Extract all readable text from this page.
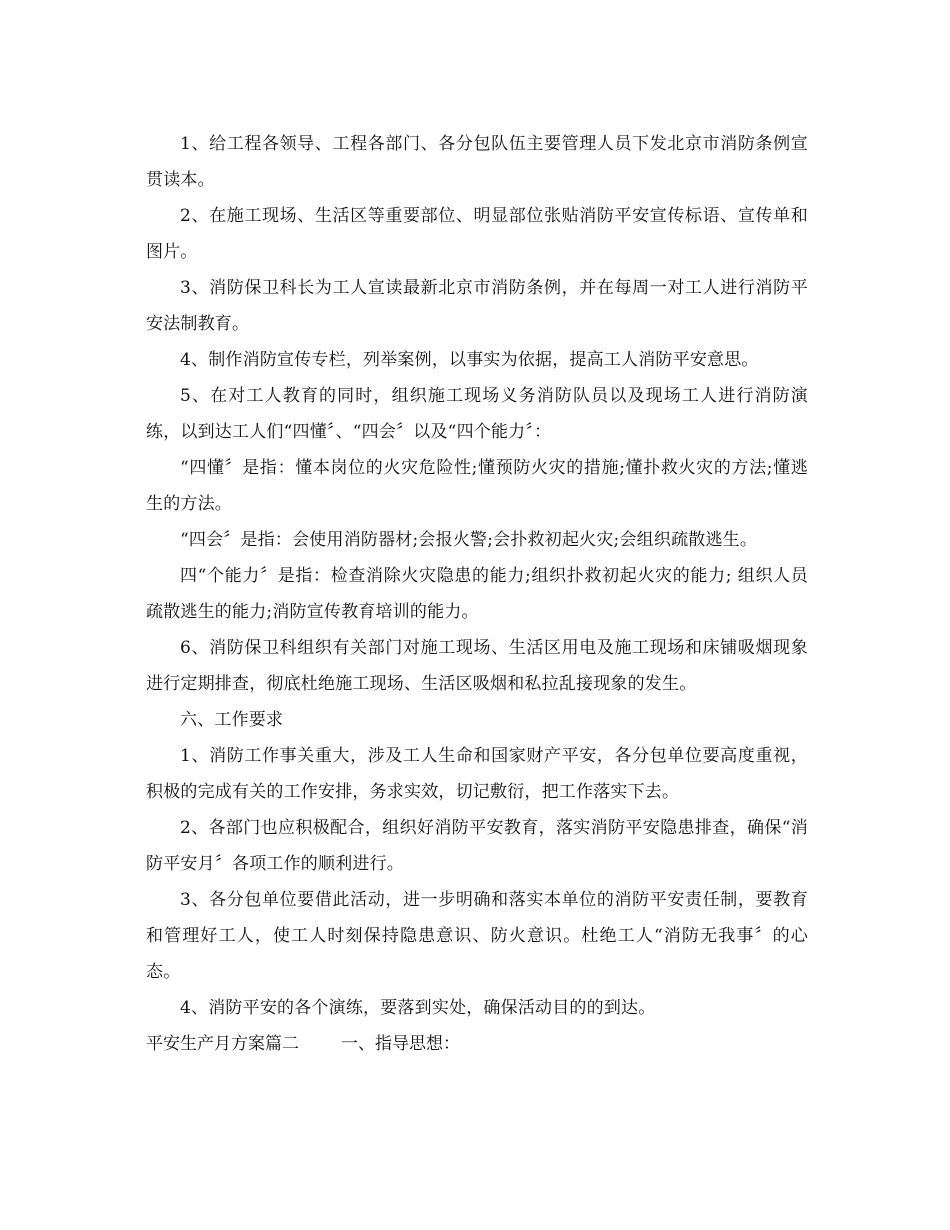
1、给工程各领导、工程各部门、各分包队伍主要管理人员下发北京市消防条例宣贯读本。

2、在施工现场、生活区等重要部位、明显部位张贴消防平安宣传标语、宣传单和图片。

3、消防保卫科长为工人宣读最新北京市消防条例，并在每周一对工人进行消防平安法制教育。

4、制作消防宣传专栏，列举案例，以事实为依据，提高工人消防平安意思。

5、在对工人教育的同时，组织施工现场义务消防队员以及现场工人进行消防演练，以到达工人们“四懂〞、“四会〞以及“四个能力〞：

“四懂〞是指：懂本岗位的火灾危险性;懂预防火灾的措施;懂扑救火灾的方法;懂逃生的方法。

“四会〞是指：会使用消防器材;会报火警;会扑救初起火灾;会组织疏散逃生。

四“个能力〞是指：检查消除火灾隐患的能力;组织扑救初起火灾的能力; 组织人员疏散逃生的能力;消防宣传教育培训的能力。

6、消防保卫科组织有关部门对施工现场、生活区用电及施工现场和床铺吸烟现象进行定期排查，彻底杜绝施工现场、生活区吸烟和私拉乱接现象的发生。

六、工作要求

1、消防工作事关重大，涉及工人生命和国家财产平安，各分包单位要高度重视，积极的完成有关的工作安排，务求实效，切记敷衍，把工作落实下去。

2、各部门也应积极配合，组织好消防平安教育，落实消防平安隐患排查，确保“消防平安月〞各项工作的顺利进行。

3、各分包单位要借此活动，进一步明确和落实本单位的消防平安责任制，要教育和管理好工人，使工人时刻保持隐患意识、防火意识。杜绝工人“消防无我事〞的心态。

4、消防平安的各个演练，要落到实处，确保活动目的的到达。

平安生产月方案篇二 一、指导思想：
